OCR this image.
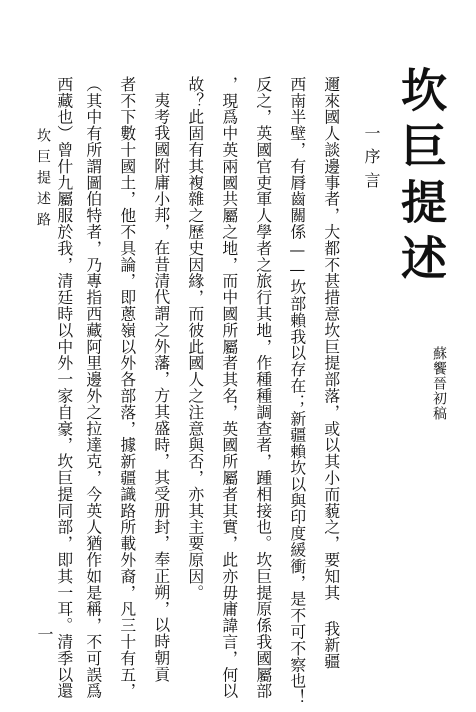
坎巨提述
蘇饗晉初稿
一
序言

邇來國人談邊事者，大都不甚措意坎巨提部落，或以其小而藐之，要知其 我新疆

西南半壁，有脣齒關係——坎部賴我以存在；新疆賴坎以與印度緩衝，是不可不察也！

反之，英國官吏軍人學者之旅行其地，作種種調查者，踵相接也。坎巨提原係我國屬部

，現爲中英兩國共屬之地，而中國所屬者其名，英國所屬者其實，此亦毋庸諱言，何以

故？此固有其複雜之歷史因緣，而彼此國人之注意與否，亦其主要原因。

夷考我國附庸小邦，在昔清代謂之外藩，方其盛時，其受册封，奉正朔，以時朝貢

者不下數十國土，他不具論，即蔥嶺以外各部落，據新疆識路所載外裔，凡三十有五，

（其中有所謂圖伯特者，乃專指西藏阿里邊外之拉達克，今英人猶作如是稱，不可誤爲

西藏也）曾什九屬服於我，清廷時以中外一家自豪，坎巨提同部，即其一耳。清季以還

坎巨提述路
一
